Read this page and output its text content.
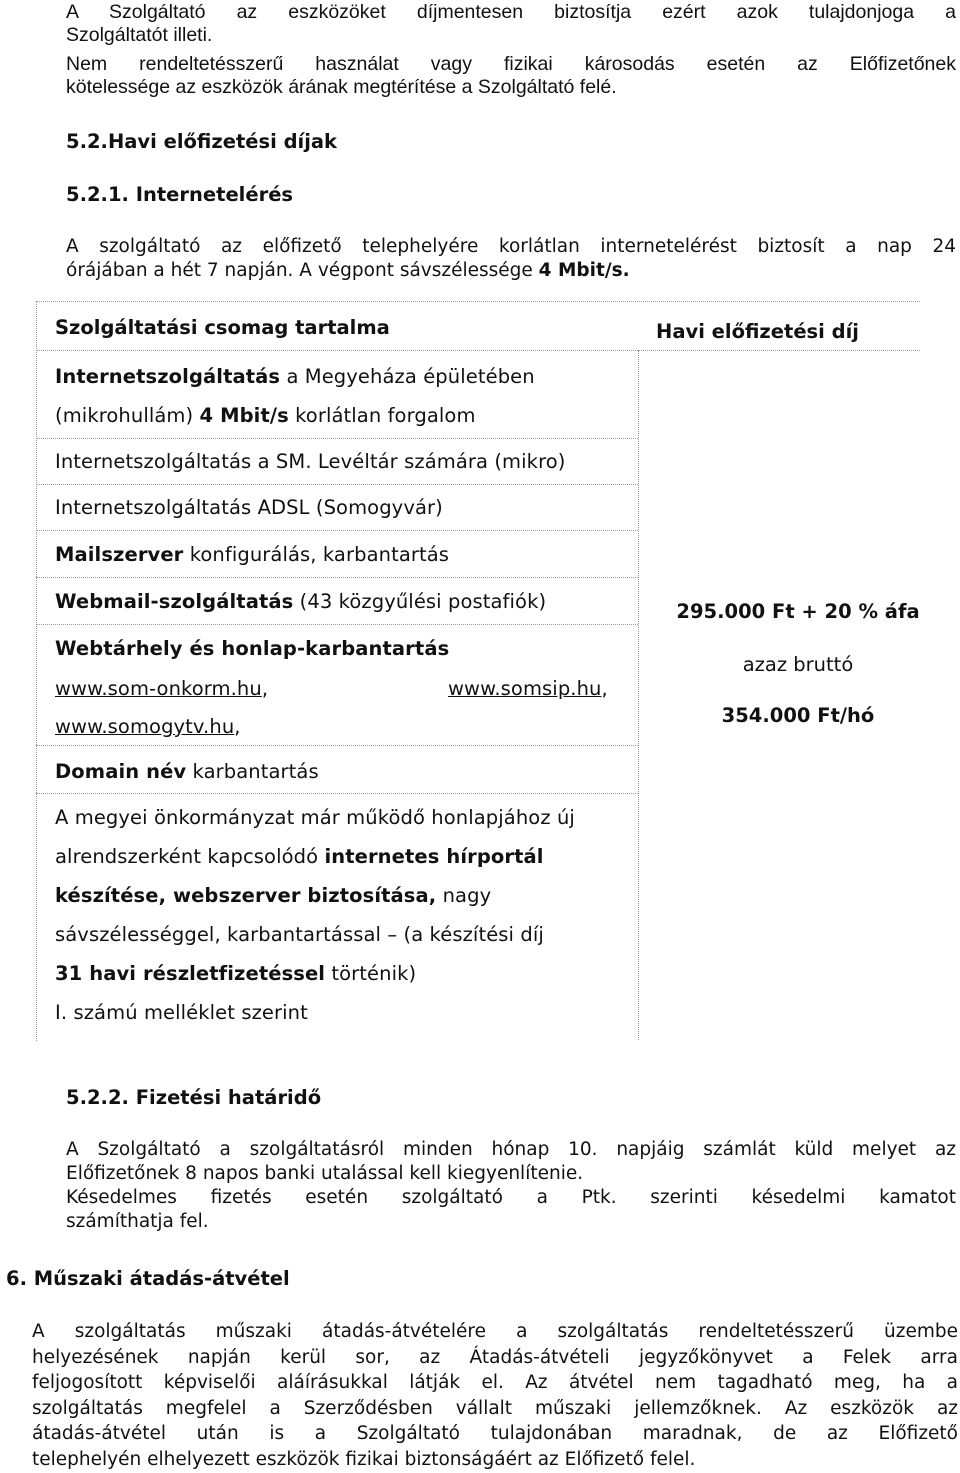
A Szolgáltató az eszközöket díjmentesen biztosítja ezért azok tulajdonjoga a
Szolgáltatót illeti.
Nem rendeltetésszerű használat vagy fizikai károsodás esetén az Előfizetőnek
kötelessége az eszközök árának megtérítése a Szolgáltató felé.
5.2.Havi előfizetési díjak
5.2.1. Internetelérés
A szolgáltató az előfizető telephelyére korlátlan internetelérést biztosít a nap 24
órájában a hét 7 napján. A végpont sávszélessége 4 Mbit/s.
Szolgáltatási csomag tartalma	Havi előfizetési díj
Internetszolgáltatás a Megyeháza épületében
(mikrohullám) 4 Mbit/s korlátlan forgalom
Internetszolgáltatás a SM. Levéltár számára (mikro)
Internetszolgáltatás ADSL (Somogyvár)
Mailszerver konfigurálás, karbantartás
Webmail-szolgáltatás (43 közgyűlési postafiók)
Webtárhely és honlap-karbantartás
www.som-onkorm.hu,	www.somsip.hu,
www.somogytv.hu,
Domain név karbantartás
A megyei önkormányzat már működő honlapjához új
alrendszerként kapcsolódó internetes hírportál
készítése, webszerver biztosítása, nagy
sávszélességgel, karbantartással – (a készítési díj
31 havi részletfizetéssel történik)
I. számú melléklet szerint
295.000 Ft + 20 % áfa
azaz bruttó
354.000 Ft/hó
5.2.2. Fizetési határidő
A Szolgáltató a szolgáltatásról minden hónap 10. napjáig számlát küld melyet az
Előfizetőnek 8 napos banki utalással kell kiegyenlítenie.
Késedelmes fizetés esetén szolgáltató a Ptk. szerinti késedelmi kamatot
számíthatja fel.
6. Műszaki átadás-átvétel
A szolgáltatás műszaki átadás-átvételére a szolgáltatás rendeltetésszerű üzembe
helyezésének napján kerül sor, az Átadás-átvételi jegyzőkönyvet a Felek arra
feljogosított képviselői aláírásukkal látják el. Az átvétel nem tagadható meg, ha a
szolgáltatás megfelel a Szerződésben vállalt műszaki jellemzőknek. Az eszközök az
átadás-átvétel után is a Szolgáltató tulajdonában maradnak, de az Előfizető
telephelyén elhelyezett eszközök fizikai biztonságáért az Előfizető felel.
